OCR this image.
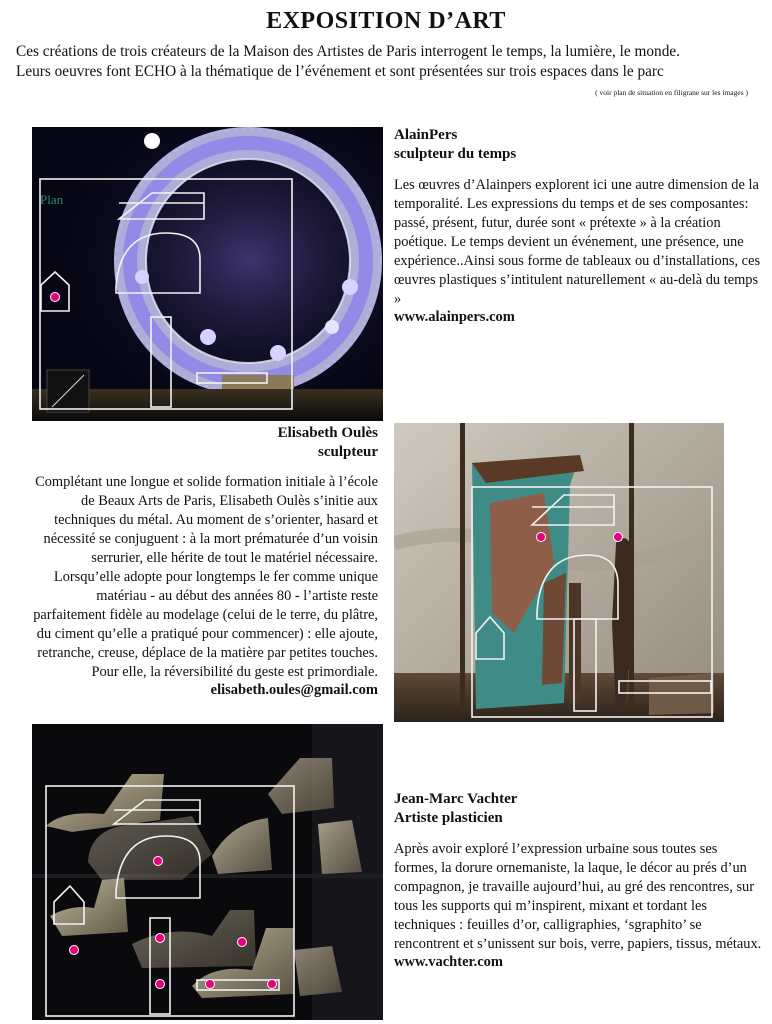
EXPOSITION D’ART
Ces créations de trois créateurs de la Maison des Artistes de Paris interrogent le temps, la lumière, le monde.
Leurs oeuvres font ECHO à la thématique de l’événement et sont présentées sur trois espaces dans le parc
( voir plan de situation en filigrane sur les images )
Plan
AlainPers
sculpteur du temps
Les œuvres d’Alainpers explorent ici une autre dimension de la temporalité. Les expressions du temps et de ses composantes: passé, présent, futur, durée sont « prétexte » à la création poétique. Le temps devient un événement, une présence, une expérience..Ainsi sous forme de tableaux ou d’installations, ces œuvres plastiques s’intitulent naturellement « au-delà du temps »
www.alainpers.com
Elisabeth Oulès
sculpteur
Complétant une longue et solide formation initiale à l’école de Beaux Arts de Paris, Elisabeth Oulès s’initie aux techniques du métal. Au moment de s’orienter, hasard et nécessité se conjuguent : à la mort prématurée d’un voisin serrurier, elle hérite de tout le matériel nécessaire. Lorsqu’elle adopte pour longtemps le fer comme unique matériau - au début des années 80 - l’artiste reste parfaitement fidèle au modelage (celui de le terre, du plâtre, du ciment qu’elle a pratiqué pour commencer) : elle ajoute, retranche, creuse, déplace de la matière par petites touches. Pour elle, la réversibilité du geste est primordiale.
elisabeth.oules@gmail.com
Jean-Marc Vachter
Artiste plasticien
Après avoir exploré l’expression urbaine sous toutes ses formes, la dorure ornemaniste, la laque, le décor au prés d’un compagnon, je travaille aujourd’hui, au gré des rencontres, sur tous les supports qui m’inspirent, mixant et tordant les techniques : feuilles d’or, calligraphies, ‘sgraphito’ se rencontrent et s’unissent sur bois, verre, papiers, tissus, métaux.
www.vachter.com
